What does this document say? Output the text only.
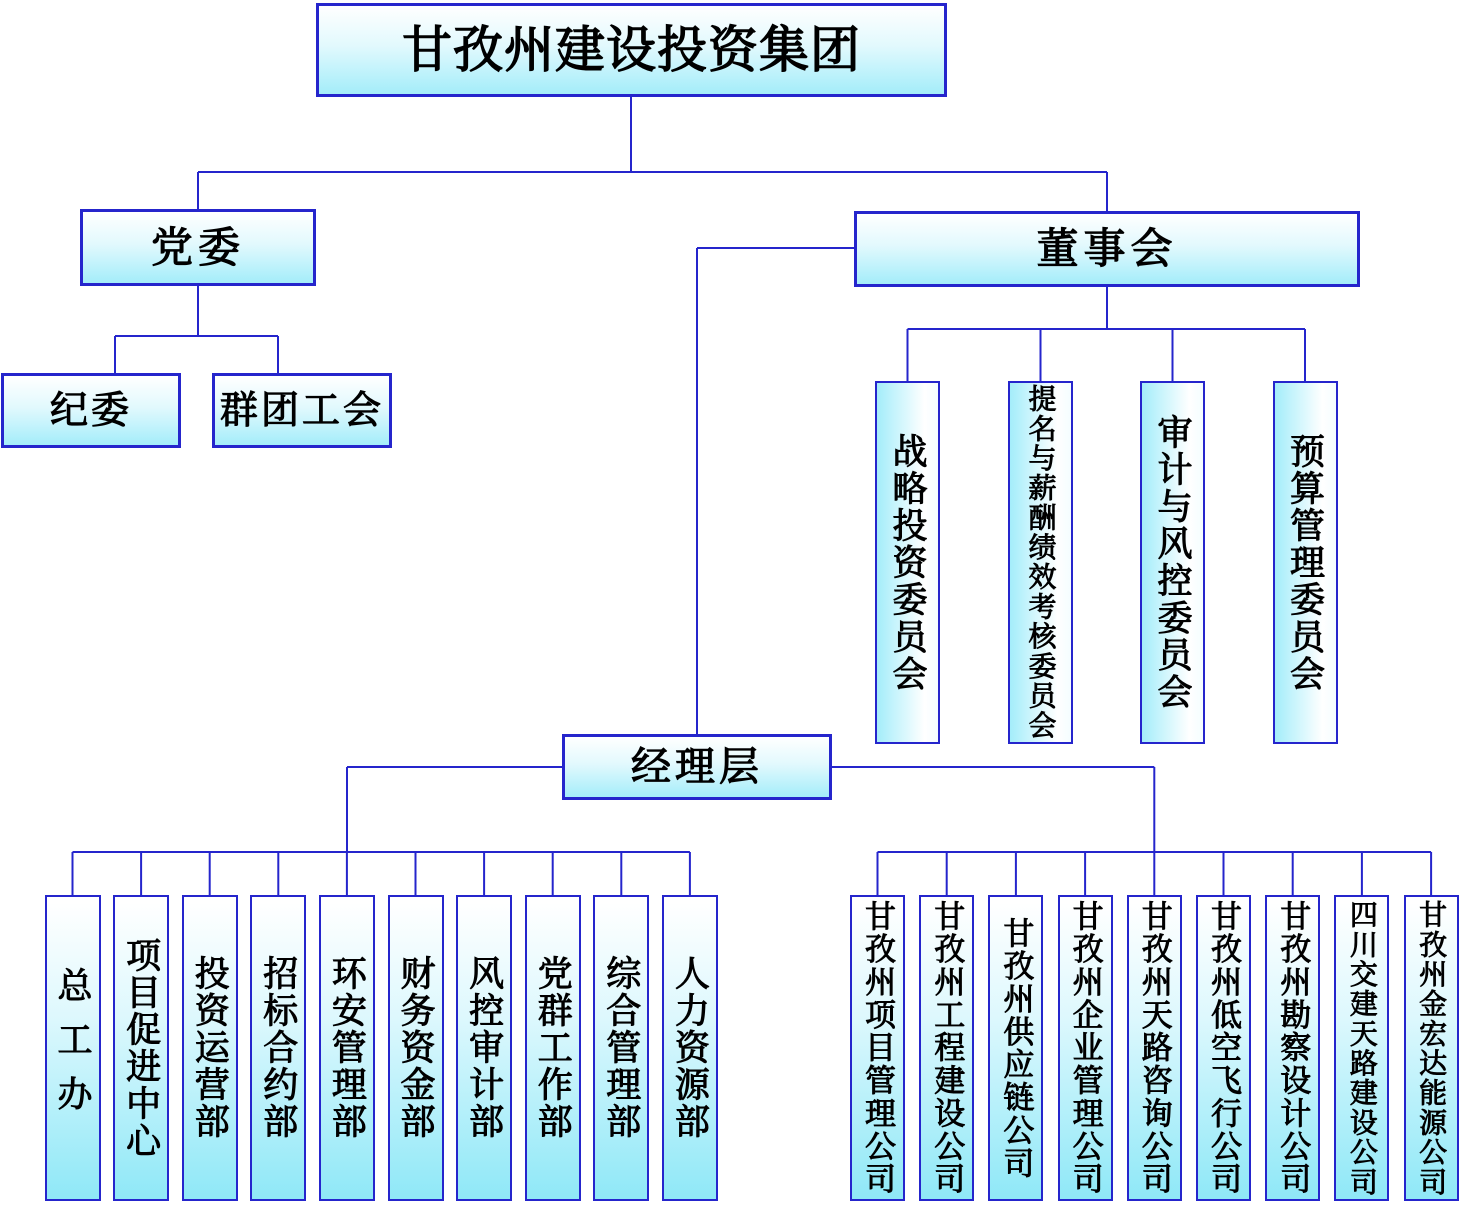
甘孜州建设投资集团
党委	董事会
纪委 群团工会
经理层
战略投资委员会	提名与薪酬绩效考核委员会	审计与风控委员会	预算管理委员会
总工办 项目促进中心 投资运营部 招标合约部 环安管理部 财务资金部 风控审计部 党群工作部 综合管理部 人力资源部	甘孜州项目管理公司 甘孜州工程建设公司 甘孜州供应链公司 甘孜州企业管理公司 甘孜州天路咨询公司 甘孜州低空飞行公司 甘孜州勘察设计公司 四川交建天路建设公司 甘孜州金宏达能源公司
